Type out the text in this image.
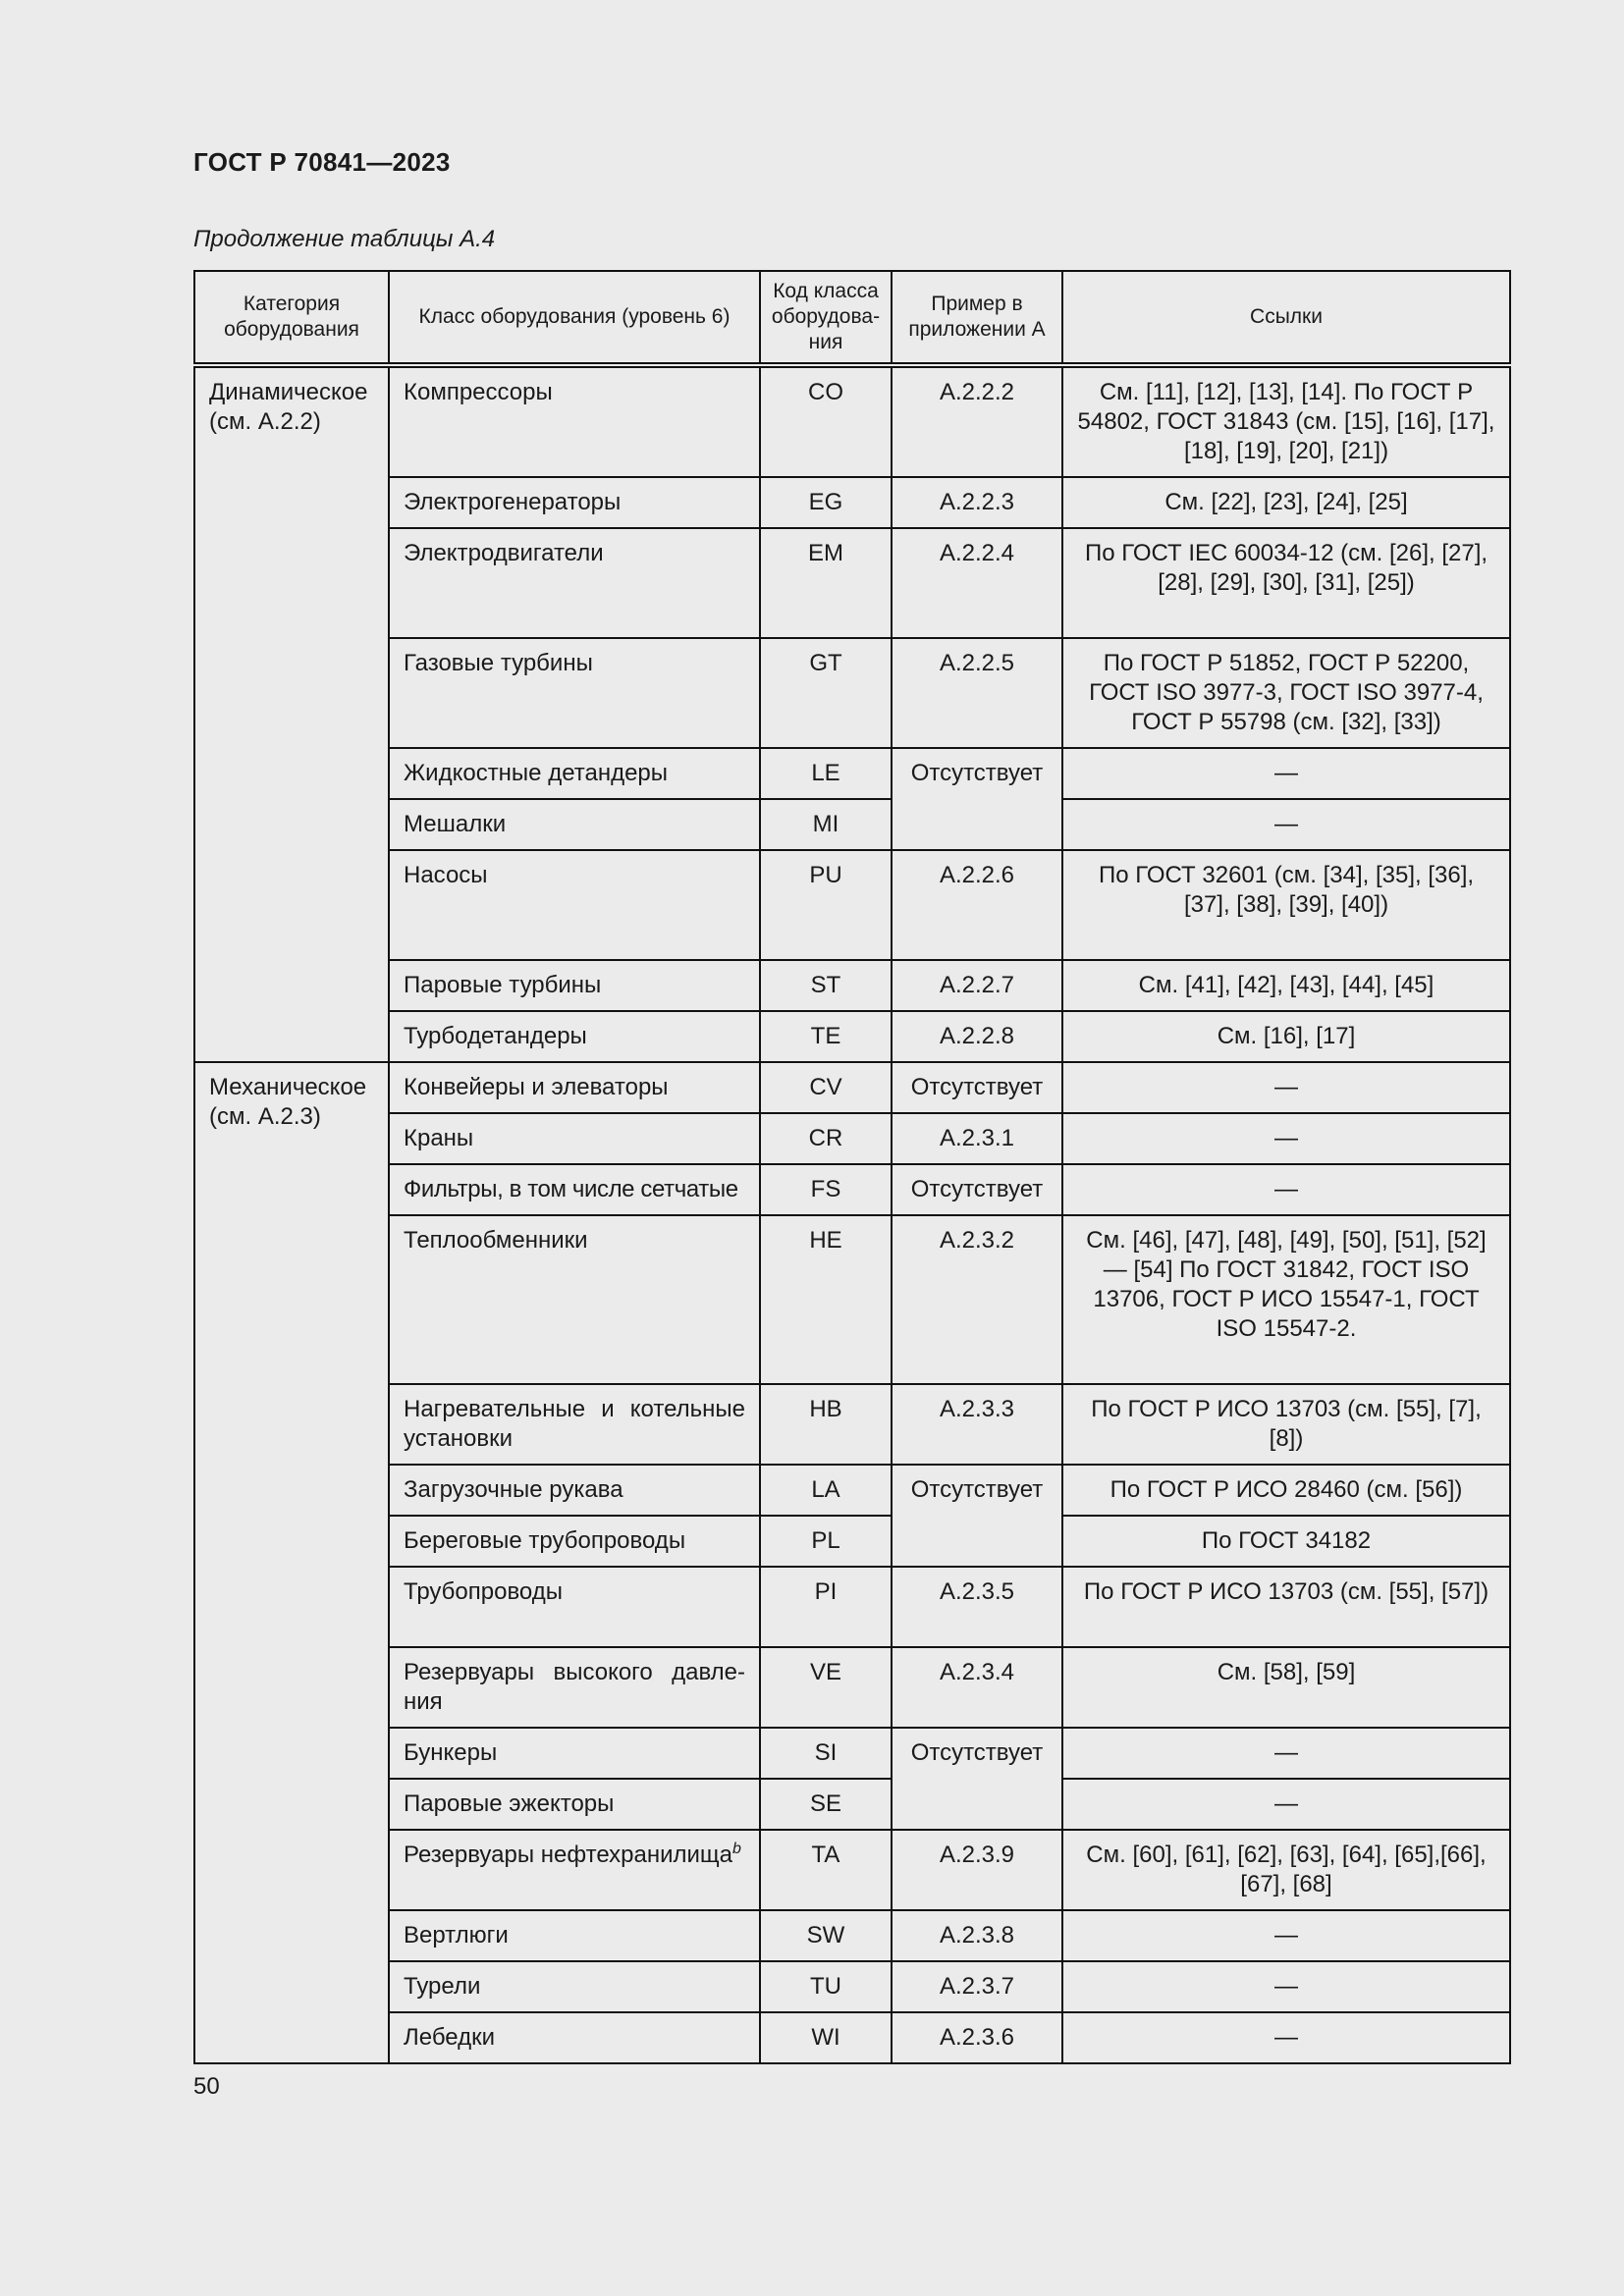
ГОСТ Р 70841—2023

Продолжение таблицы А.4

Категория оборудования	Класс оборудования (уровень 6)	Код класса оборудова-ния	Пример в приложении А	Ссылки
Динамическое (см. А.2.2)	Компрессоры	CO	А.2.2.2	См. [11], [12], [13], [14]. По ГОСТ Р 54802, ГОСТ 31843 (см. [15], [16], [17], [18], [19], [20], [21])
	Электрогенераторы	EG	А.2.2.3	См. [22], [23], [24], [25]
	Электродвигатели	EM	А.2.2.4	По ГОСТ IEC 60034-12 (см. [26], [27], [28], [29], [30], [31], [25])
	Газовые турбины	GT	А.2.2.5	По ГОСТ Р 51852, ГОСТ Р 52200, ГОСТ ISO 3977-3, ГОСТ ISO 3977-4, ГОСТ Р 55798 (см. [32], [33])
	Жидкостные детандеры	LE	Отсутствует	—
	Мешалки	MI		—
	Насосы	PU	А.2.2.6	По ГОСТ 32601 (см. [34], [35], [36], [37], [38], [39], [40])
	Паровые турбины	ST	А.2.2.7	См. [41], [42], [43], [44], [45]
	Турбодетандеры	TE	А.2.2.8	См. [16], [17]
Механическое (см. А.2.3)	Конвейеры и элеваторы	CV	Отсутствует	—
	Краны	CR	А.2.3.1	—
	Фильтры, в том числе сетчатые	FS	Отсутствует	—
	Теплообменники	HE	А.2.3.2	См. [46], [47], [48], [49], [50], [51], [52] — [54] По ГОСТ 31842, ГОСТ ISO 13706, ГОСТ Р ИСО 15547-1, ГОСТ ISO 15547-2.
	Нагревательные и котельные установки	HB	А.2.3.3	По ГОСТ Р ИСО 13703 (см. [55], [7], [8])
	Загрузочные рукава	LA	Отсутствует	По ГОСТ Р ИСО 28460 (см. [56])
	Береговые трубопроводы	PL		По ГОСТ 34182
	Трубопроводы	PI	А.2.3.5	По ГОСТ Р ИСО 13703 (см. [55], [57])
	Резервуары высокого давле-ния	VE	А.2.3.4	См. [58], [59]
	Бункеры	SI	Отсутствует	—
	Паровые эжекторы	SE		—
	Резервуары нефтехранилища$^b$	TA	А.2.3.9	См. [60], [61], [62], [63], [64], [65],[66], [67], [68]
	Вертлюги	SW	А.2.3.8	—
	Турели	TU	А.2.3.7	—
	Лебедки	WI	А.2.3.6	—

50
